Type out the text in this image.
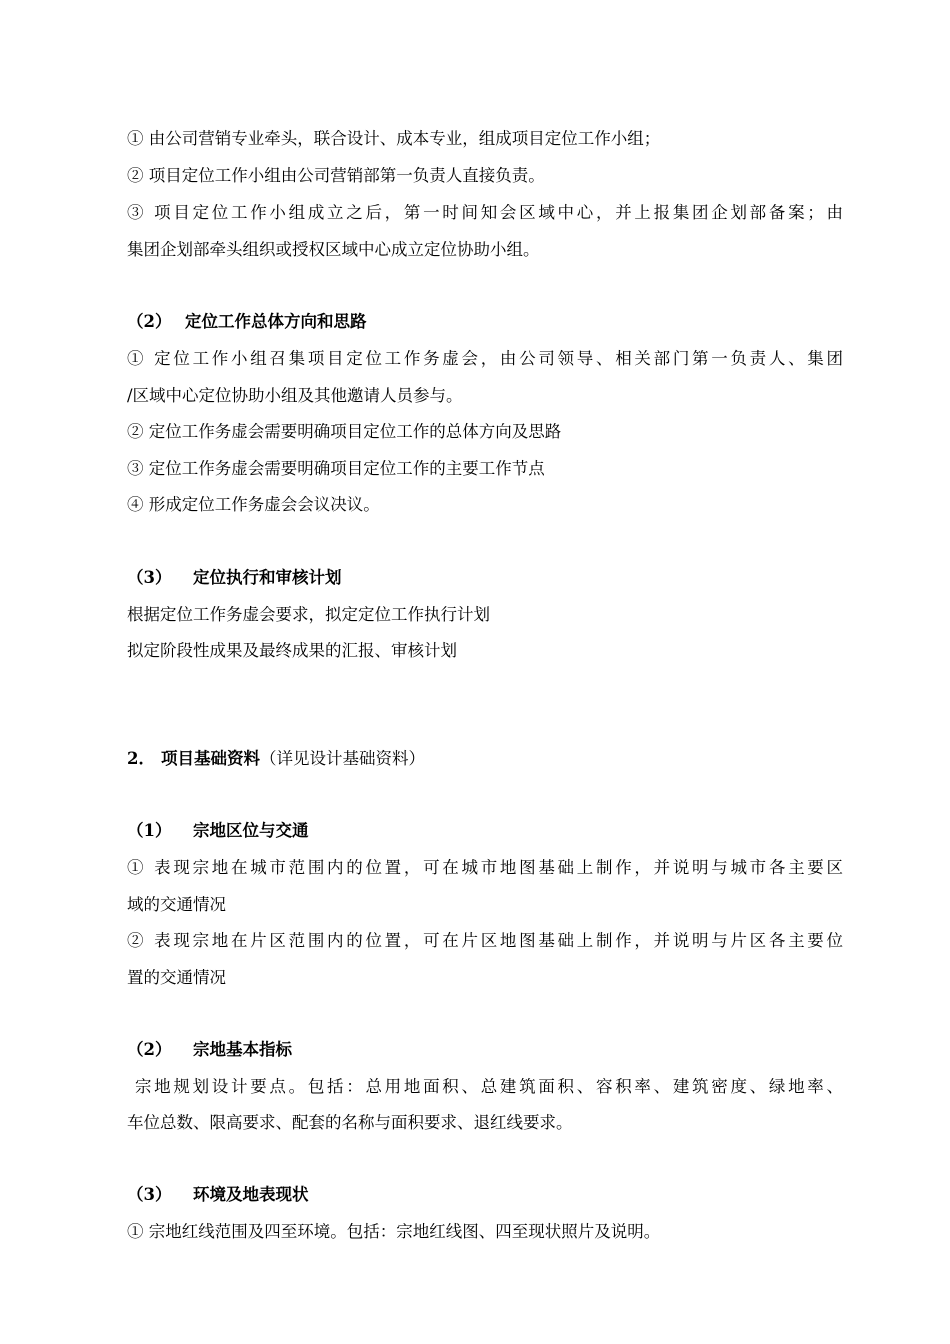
① 由公司营销专业牵头，联合设计、成本专业，组成项目定位工作小组；
② 项目定位工作小组由公司营销部第一负责人直接负责。
③ 项目定位工作小组成立之后，第一时间知会区域中心，并上报集团企划部备案；由
集团企划部牵头组织或授权区域中心成立定位协助小组。
（2） 定位工作总体方向和思路
① 定位工作小组召集项目定位工作务虚会，由公司领导、相关部门第一负责人、集团
/区域中心定位协助小组及其他邀请人员参与。
② 定位工作务虚会需要明确项目定位工作的总体方向及思路
③ 定位工作务虚会需要明确项目定位工作的主要工作节点
④ 形成定位工作务虚会会议决议。
（3） 定位执行和审核计划
根据定位工作务虚会要求，拟定定位工作执行计划
拟定阶段性成果及最终成果的汇报、审核计划
2． 项目基础资料（详见设计基础资料）
（1） 宗地区位与交通
① 表现宗地在城市范围内的位置，可在城市地图基础上制作，并说明与城市各主要区
域的交通情况
② 表现宗地在片区范围内的位置，可在片区地图基础上制作，并说明与片区各主要位
置的交通情况
（2） 宗地基本指标
宗地规划设计要点。包括：总用地面积、总建筑面积、容积率、建筑密度、绿地率、
车位总数、限高要求、配套的名称与面积要求、退红线要求。
（3） 环境及地表现状
① 宗地红线范围及四至环境。包括：宗地红线图、四至现状照片及说明。
